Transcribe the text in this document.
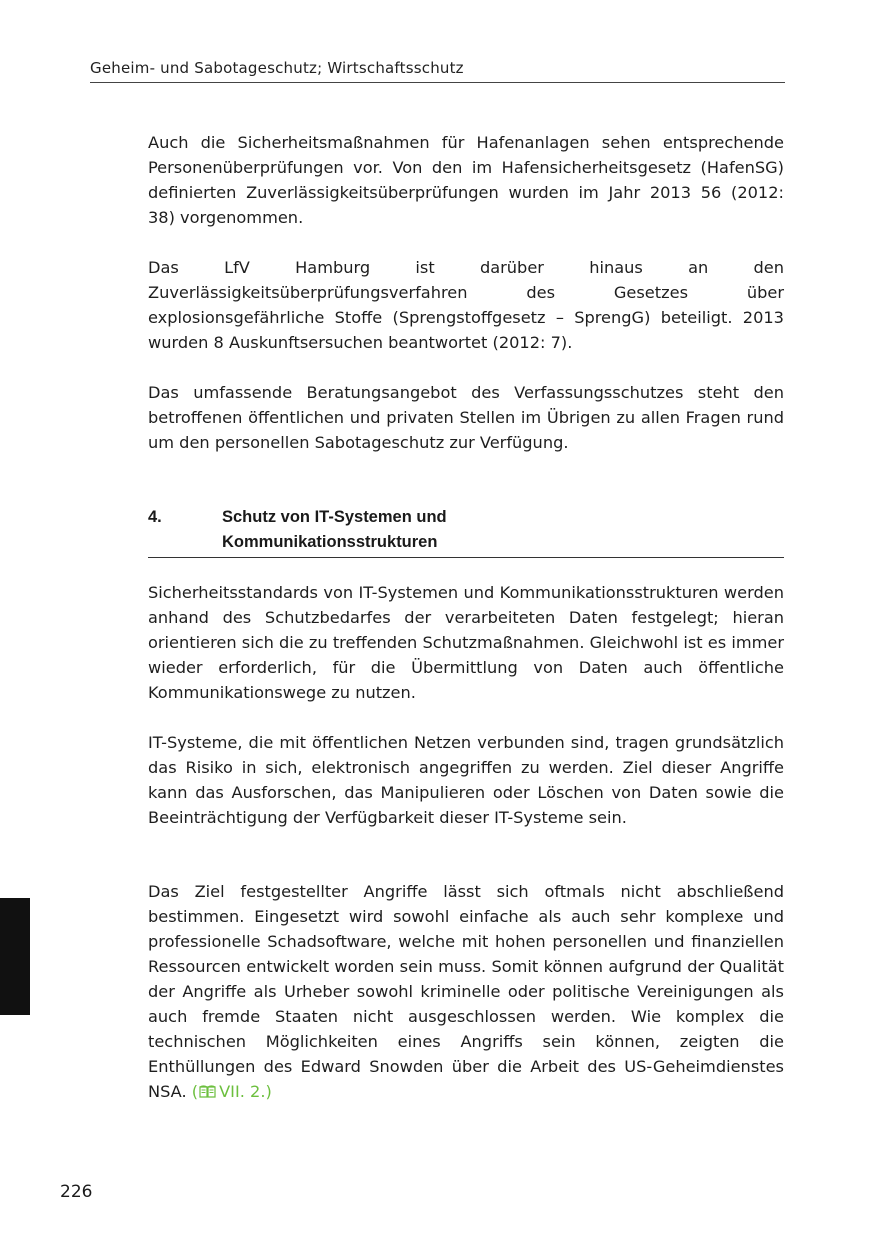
Geheim- und Sabotageschutz; Wirtschaftsschutz

Auch die Sicherheitsmaßnahmen für Hafenanlagen sehen entsprechende Personenüberprüfungen vor. Von den im Hafensicherheitsgesetz (HafenSG) definierten Zuverlässigkeitsüberprüfungen wurden im Jahr 2013 56 (2012: 38) vorgenommen.

Das LfV Hamburg ist darüber hinaus an den Zuverlässigkeitsüberprüfungsverfahren des Gesetzes über explosionsgefährliche Stoffe (Sprengstoffgesetz – SprengG) beteiligt. 2013 wurden 8 Auskunftsersuchen beantwortet (2012: 7).

Das umfassende Beratungsangebot des Verfassungsschutzes steht den betroffenen öffentlichen und privaten Stellen im Übrigen zu allen Fragen rund um den personellen Sabotageschutz zur Verfügung.

4.	Schutz von IT-Systemen und
Kommunikationsstrukturen

Sicherheitsstandards von IT-Systemen und Kommunikationsstrukturen werden anhand des Schutzbedarfes der verarbeiteten Daten festgelegt; hieran orientieren sich die zu treffenden Schutzmaßnahmen. Gleichwohl ist es immer wieder erforderlich, für die Übermittlung von Daten auch öffentliche Kommunikationswege zu nutzen.

IT-Systeme, die mit öffentlichen Netzen verbunden sind, tragen grundsätzlich das Risiko in sich, elektronisch angegriffen zu werden. Ziel dieser Angriffe kann das Ausforschen, das Manipulieren oder Löschen von Daten sowie die Beeinträchtigung der Verfügbarkeit dieser IT-Systeme sein.

Das Ziel festgestellter Angriffe lässt sich oftmals nicht abschließend bestimmen. Eingesetzt wird sowohl einfache als auch sehr komplexe und professionelle Schadsoftware, welche mit hohen personellen und finanziellen Ressourcen entwickelt worden sein muss. Somit können aufgrund der Qualität der Angriffe als Urheber sowohl kriminelle oder politische Vereinigungen als auch fremde Staaten nicht ausgeschlossen werden. Wie komplex die technischen Möglichkeiten eines Angriffs sein können, zeigten die Enthüllungen des Edward Snowden über die Arbeit des US-Geheimdienstes NSA. ( VII. 2.)

226
